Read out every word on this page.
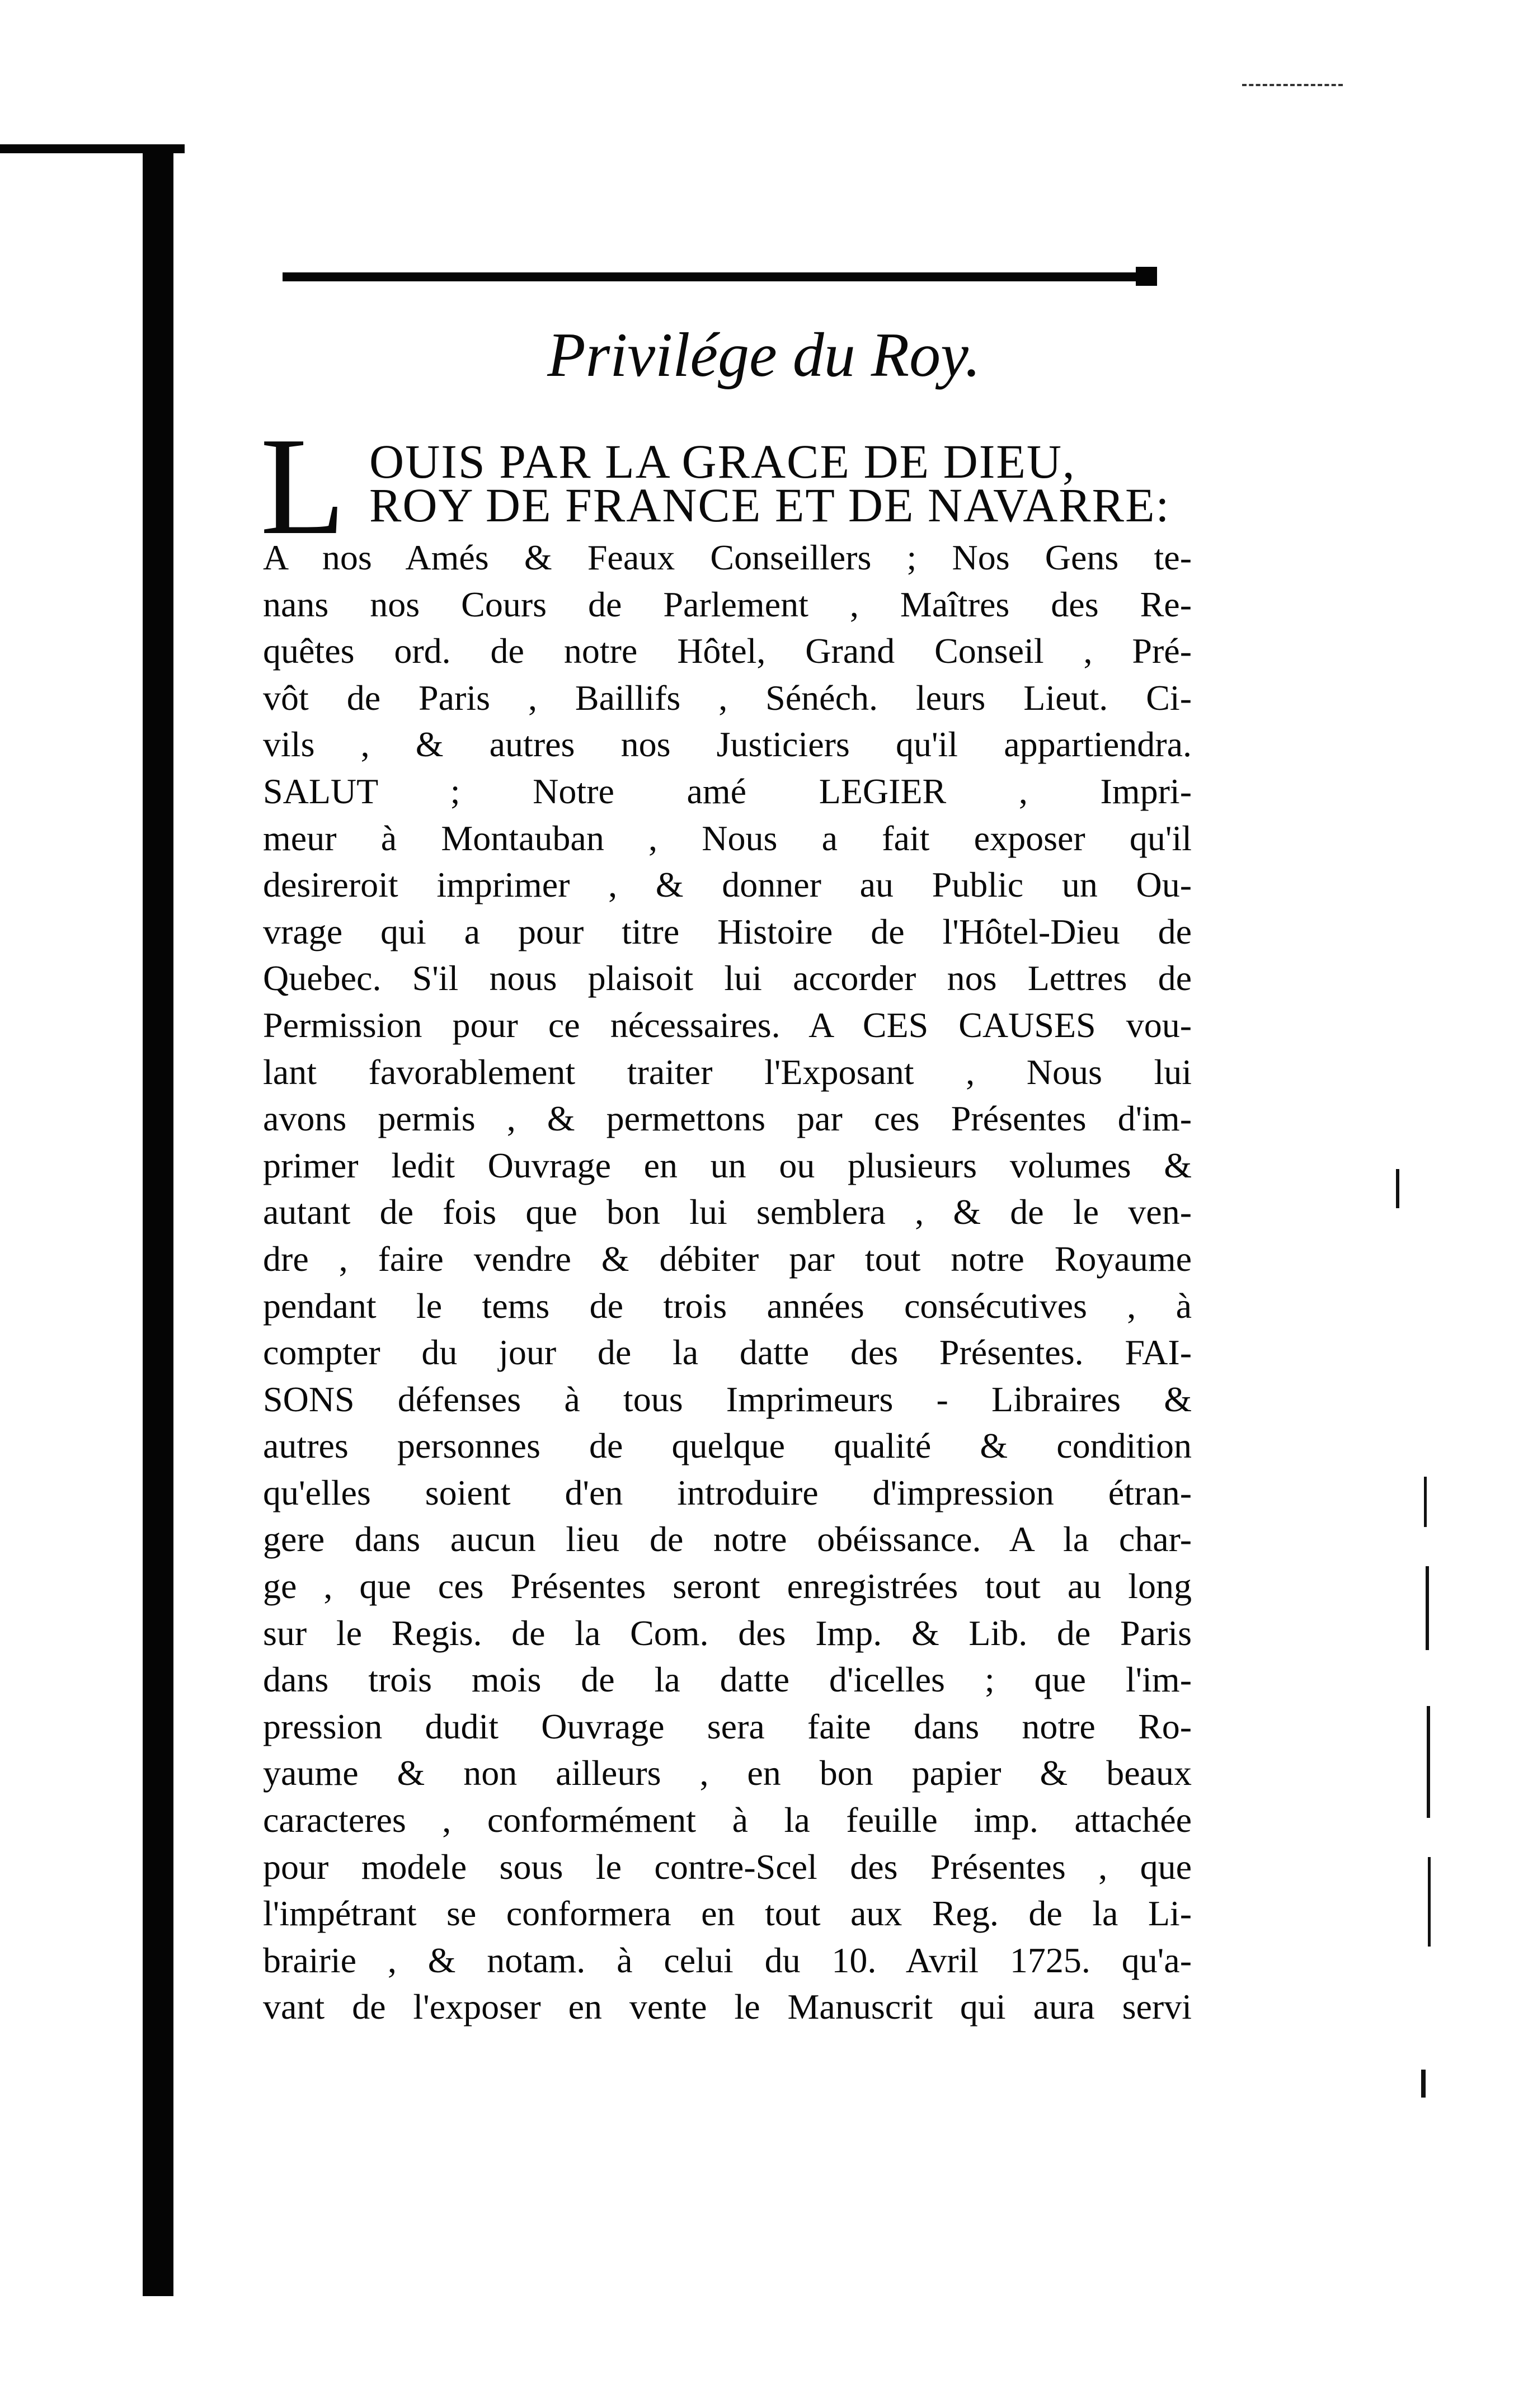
Privilége du Roy.
L OUIS PAR LA GRACE DE DIEU,
ROY DE FRANCE ET DE NAVARRE:
A nos Amés & Feaux Conseillers ; Nos Gens te-
nans nos Cours de Parlement , Maîtres des Re-
quêtes ord. de notre Hôtel, Grand Conseil , Pré-
vôt de Paris , Baillifs , Sénéch. leurs Lieut. Ci-
vils , & autres nos Justiciers qu'il appartiendra.
SALUT ; Notre amé LEGIER , Impri-
meur à Montauban , Nous a fait exposer qu'il
desireroit imprimer , & donner au Public un Ou-
vrage qui a pour titre Histoire de l'Hôtel-Dieu de
Quebec. S'il nous plaisoit lui accorder nos Lettres de
Permission pour ce nécessaires. A CES CAUSES vou-
lant favorablement traiter l'Exposant , Nous lui
avons permis , & permettons par ces Présentes d'im-
primer ledit Ouvrage en un ou plusieurs volumes &
autant de fois que bon lui semblera , & de le ven-
dre , faire vendre & débiter par tout notre Royaume
pendant le tems de trois années consécutives , à
compter du jour de la datte des Présentes. FAI-
SONS défenses à tous Imprimeurs - Libraires &
autres personnes de quelque qualité & condition
qu'elles soient d'en introduire d'impression étran-
gere dans aucun lieu de notre obéissance. A la char-
ge , que ces Présentes seront enregistrées tout au long
sur le Regis. de la Com. des Imp. & Lib. de Paris
dans trois mois de la datte d'icelles ; que l'im-
pression dudit Ouvrage sera faite dans notre Ro-
yaume & non ailleurs , en bon papier & beaux
caracteres , conformément à la feuille imp. attachée
pour modele sous le contre-Scel des Présentes , que
l'impétrant se conformera en tout aux Reg. de la Li-
brairie , & notam. à celui du 10. Avril 1725. qu'a-
vant de l'exposer en vente le Manuscrit qui aura servi
